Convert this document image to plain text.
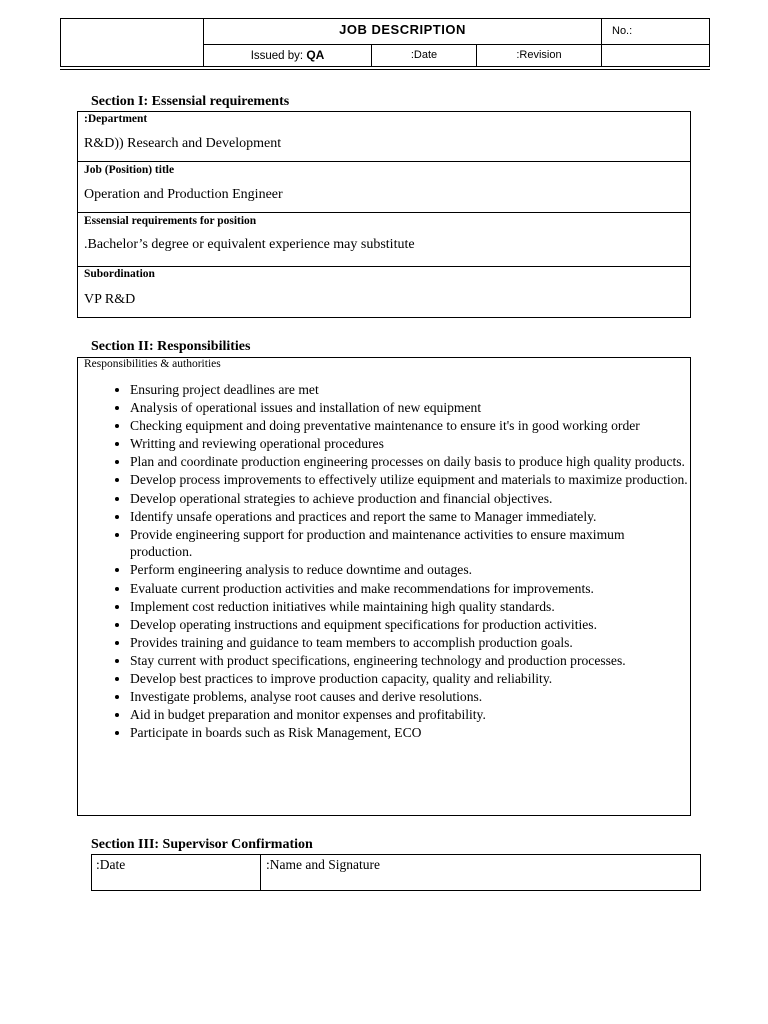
JOB DESCRIPTION	No.:
Issued by: QA	:Date	:Revision
Section I: Essensial requirements
:Department
R&D)) Research and Development
Job (Position) title
Operation and Production Engineer
Essensial requirements for position
.Bachelor’s degree or equivalent experience may substitute
Subordination
VP R&D
Section II: Responsibilities
Responsibilities & authorities
• Ensuring project deadlines are met
• Analysis of operational issues and installation of new equipment
• Checking equipment and doing preventative maintenance to ensure it's in good working order
• Writting and reviewing operational procedures
• Plan and coordinate production engineering processes on daily basis to produce high quality products.
• Develop process improvements to effectively utilize equipment and materials to maximize production.
• Develop operational strategies to achieve production and financial objectives.
• Identify unsafe operations and practices and report the same to Manager immediately.
• Provide engineering support for production and maintenance activities to ensure maximum production.
• Perform engineering analysis to reduce downtime and outages.
• Evaluate current production activities and make recommendations for improvements.
• Implement cost reduction initiatives while maintaining high quality standards.
• Develop operating instructions and equipment specifications for production activities.
• Provides training and guidance to team members to accomplish production goals.
• Stay current with product specifications, engineering technology and production processes.
• Develop best practices to improve production capacity, quality and reliability.
• Investigate problems, analyse root causes and derive resolutions.
• Aid in budget preparation and monitor expenses and profitability.
• Participate in boards such as Risk Management, ECO
Section III: Supervisor Confirmation
:Date	:Name and Signature
